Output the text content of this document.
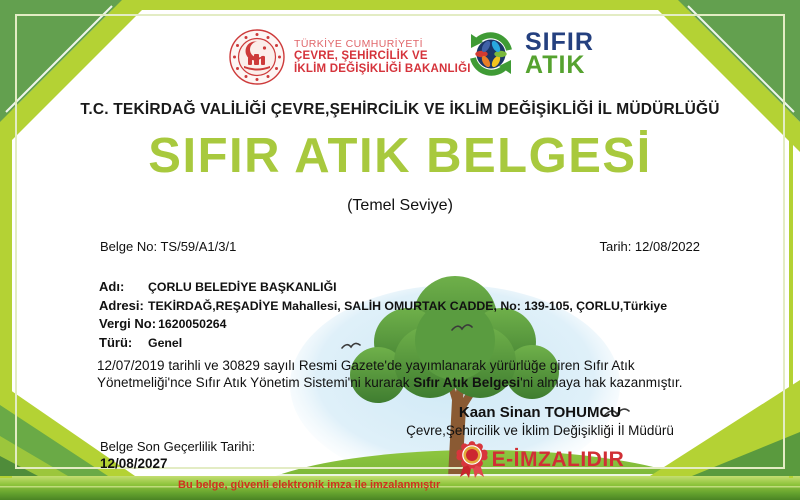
TÜRKİYE CUMHURİYETİ
ÇEVRE, ŞEHİRCİLİK VE
İKLİM DEĞİŞİKLİĞİ BAKANLIĞI
SIFIR
ATIK
T.C. TEKİRDAĞ VALİLİĞİ ÇEVRE,ŞEHİRCİLİK VE İKLİM DEĞİŞİKLİĞİ İL MÜDÜRLÜĞÜ
SIFIR ATIK BELGESİ
(Temel Seviye)
Belge No: TS/59/A1/3/1	Tarih: 12/08/2022
Adı:	ÇORLU BELEDİYE BAŞKANLIĞI
Adresi: TEKİRDAĞ,REŞADİYE Mahallesi, SALİH OMURTAK CADDE, No: 139-105, ÇORLU,Türkiye
Vergi No: 1620050264
Türü:	Genel
12/07/2019 tarihli ve 30829 sayılı Resmi Gazete'de yayımlanarak yürürlüğe giren Sıfır Atık
Yönetmeliği'nce Sıfır Atık Yönetim Sistemi'ni kurarak Sıfır Atık Belgesi'ni almaya hak kazanmıştır.
Kaan Sinan TOHUMCU
Çevre,Şehircilik ve İklim Değişikliği İl Müdürü
E-İMZALIDIR
Belge Son Geçerlilik Tarihi:
12/08/2027
Bu belge, güvenli elektronik imza ile imzalanmıştır
